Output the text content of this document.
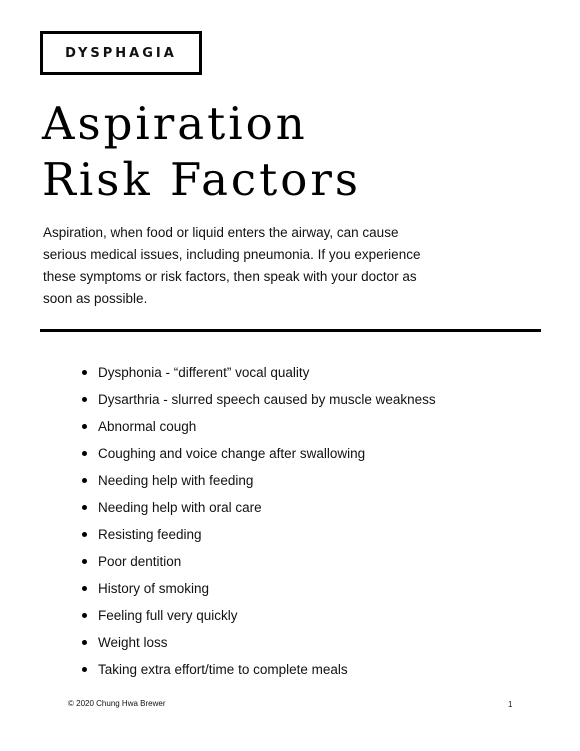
DYSPHAGIA
Aspiration
Risk Factors

Aspiration, when food or liquid enters the airway, can cause serious medical issues, including pneumonia. If you experience these symptoms or risk factors, then speak with your doctor as soon as possible.

Dysphonia - “different” vocal quality
Dysarthria - slurred speech caused by muscle weakness
Abnormal cough
Coughing and voice change after swallowing
Needing help with feeding
Needing help with oral care
Resisting feeding
Poor dentition
History of smoking
Feeling full very quickly
Weight loss
Taking extra effort/time to complete meals
© 2020 Chung Hwa Brewer	1
